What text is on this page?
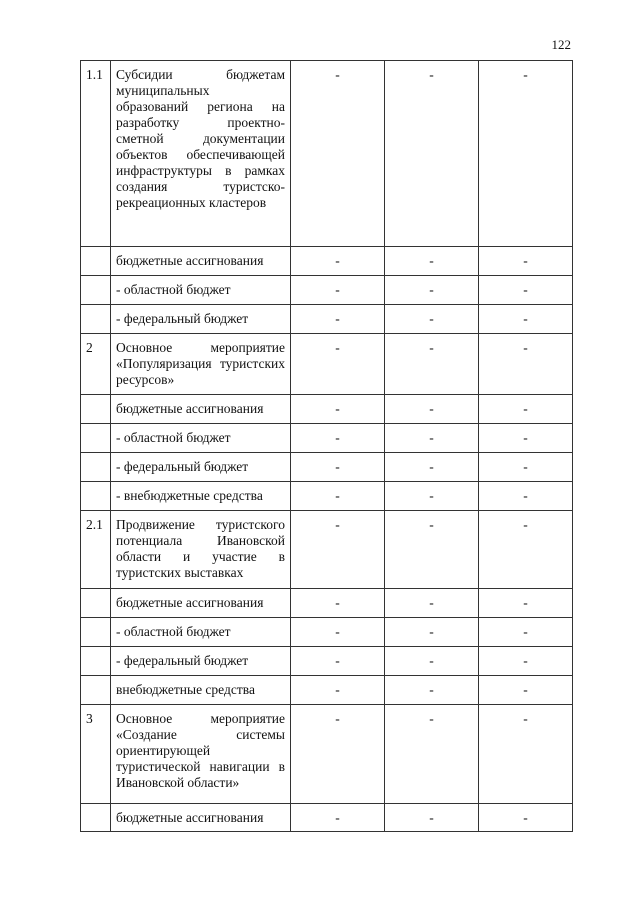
122
1.1	Субсидии бюджетам муниципальных образований региона на разработку проектно-сметной документации объектов обеспечивающей инфраструктуры в рамках создания туристско-рекреационных кластеров	-	-	-
	бюджетные ассигнования	-	-	-
	- областной бюджет	-	-	-
	- федеральный бюджет	-	-	-
2	Основное мероприятие «Популяризация туристских ресурсов»	-	-	-
	бюджетные ассигнования	-	-	-
	- областной бюджет	-	-	-
	- федеральный бюджет	-	-	-
	- внебюджетные средства	-	-	-
2.1	Продвижение туристского потенциала Ивановской области и участие в туристских выставках	-	-	-
	бюджетные ассигнования	-	-	-
	- областной бюджет	-	-	-
	- федеральный бюджет	-	-	-
	внебюджетные средства	-	-	-
3	Основное мероприятие «Создание системы ориентирующей туристической навигации в Ивановской области»	-	-	-
	бюджетные ассигнования	-	-	-
